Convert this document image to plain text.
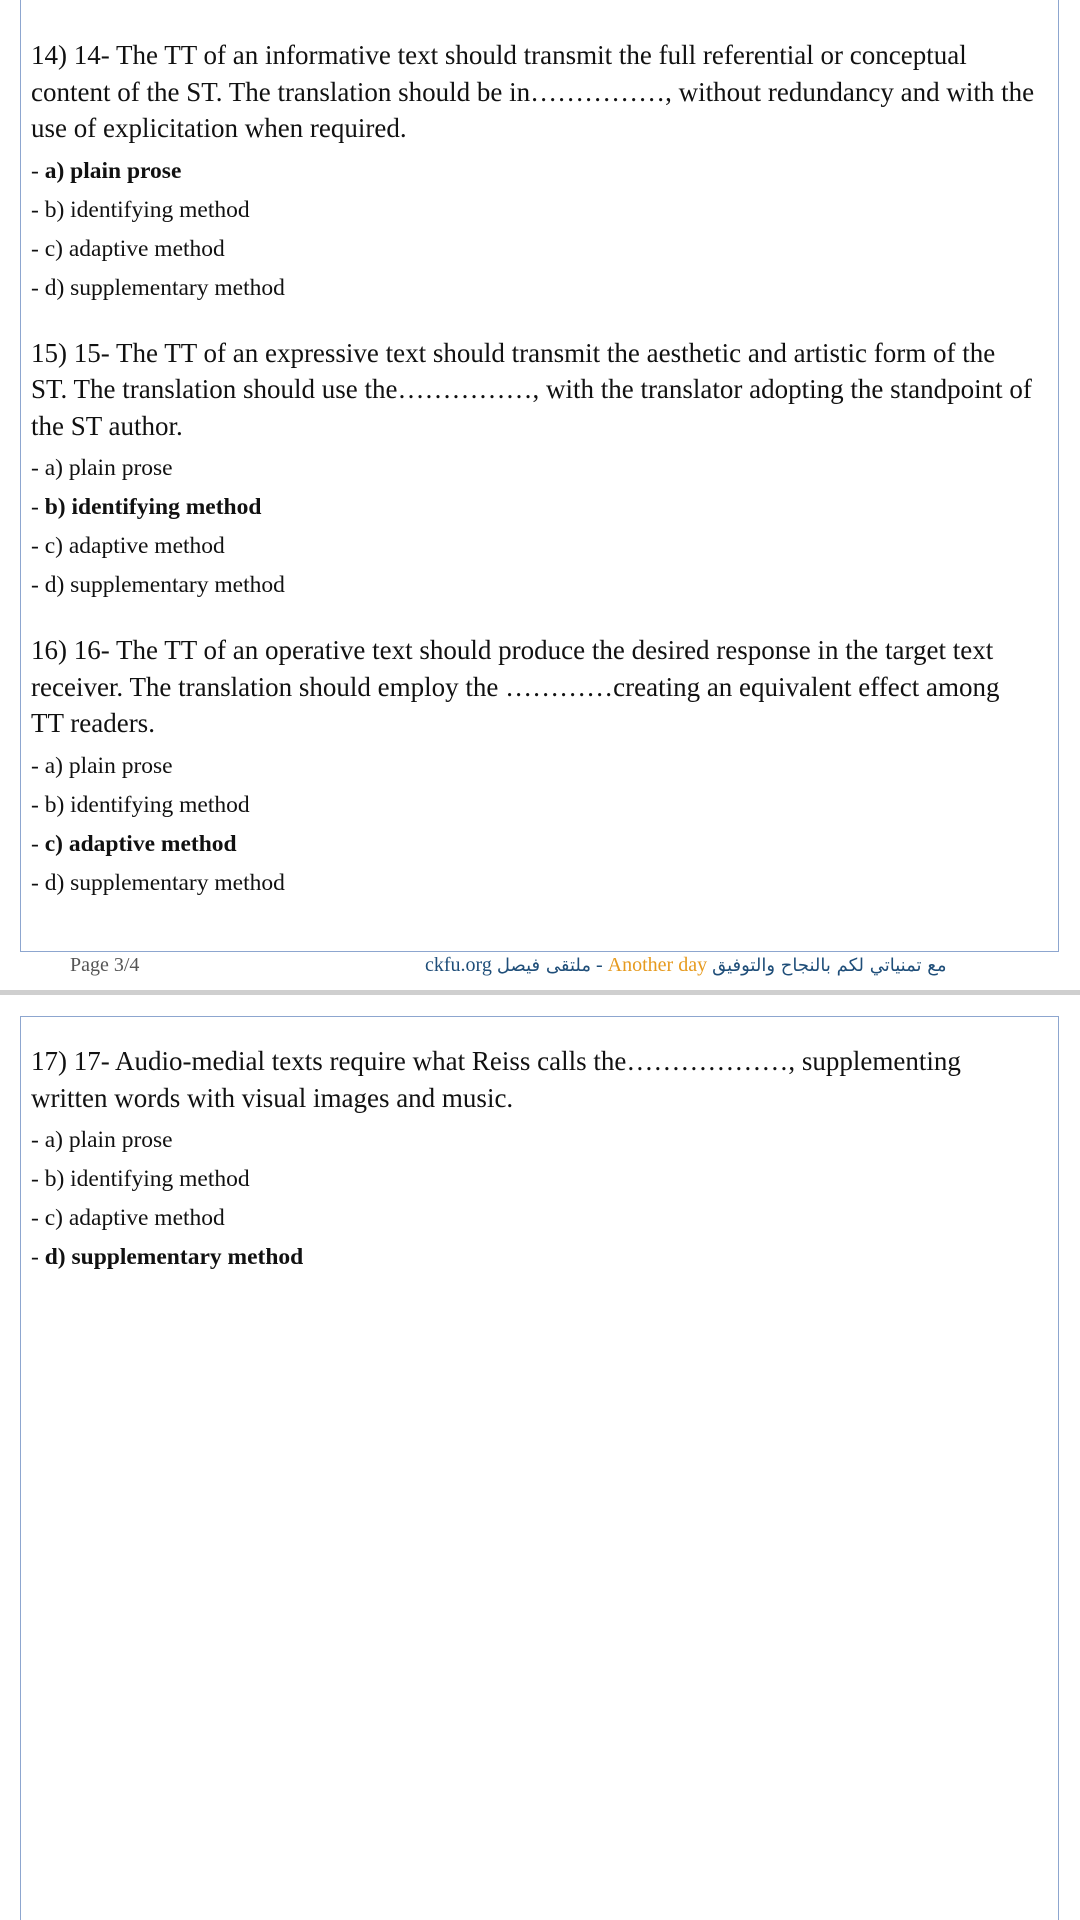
14) 14- The TT of an informative text should transmit the full referential or conceptual content of the ST. The translation should be in……………, without redundancy and with the use of explicitation when required.

- a) plain prose

- b) identifying method

- c) adaptive method

- d) supplementary method

15) 15- The TT of an expressive text should transmit the aesthetic and artistic form of the ST. The translation should use the……………, with the translator adopting the standpoint of the ST author.

- a) plain prose

- b) identifying method

- c) adaptive method

- d) supplementary method

16) 16- The TT of an operative text should produce the desired response in the target text receiver. The translation should employ the …………creating an equivalent effect among TT readers.

- a) plain prose

- b) identifying method

- c) adaptive method

- d) supplementary method

Page 3/4	ckfu.org ملتقى فيصل - Another day مع تمنياتي لكم بالنجاح والتوفيق

17) 17- Audio-medial texts require what Reiss calls the………………, supplementing written words with visual images and music.

- a) plain prose

- b) identifying method

- c) adaptive method

- d) supplementary method
